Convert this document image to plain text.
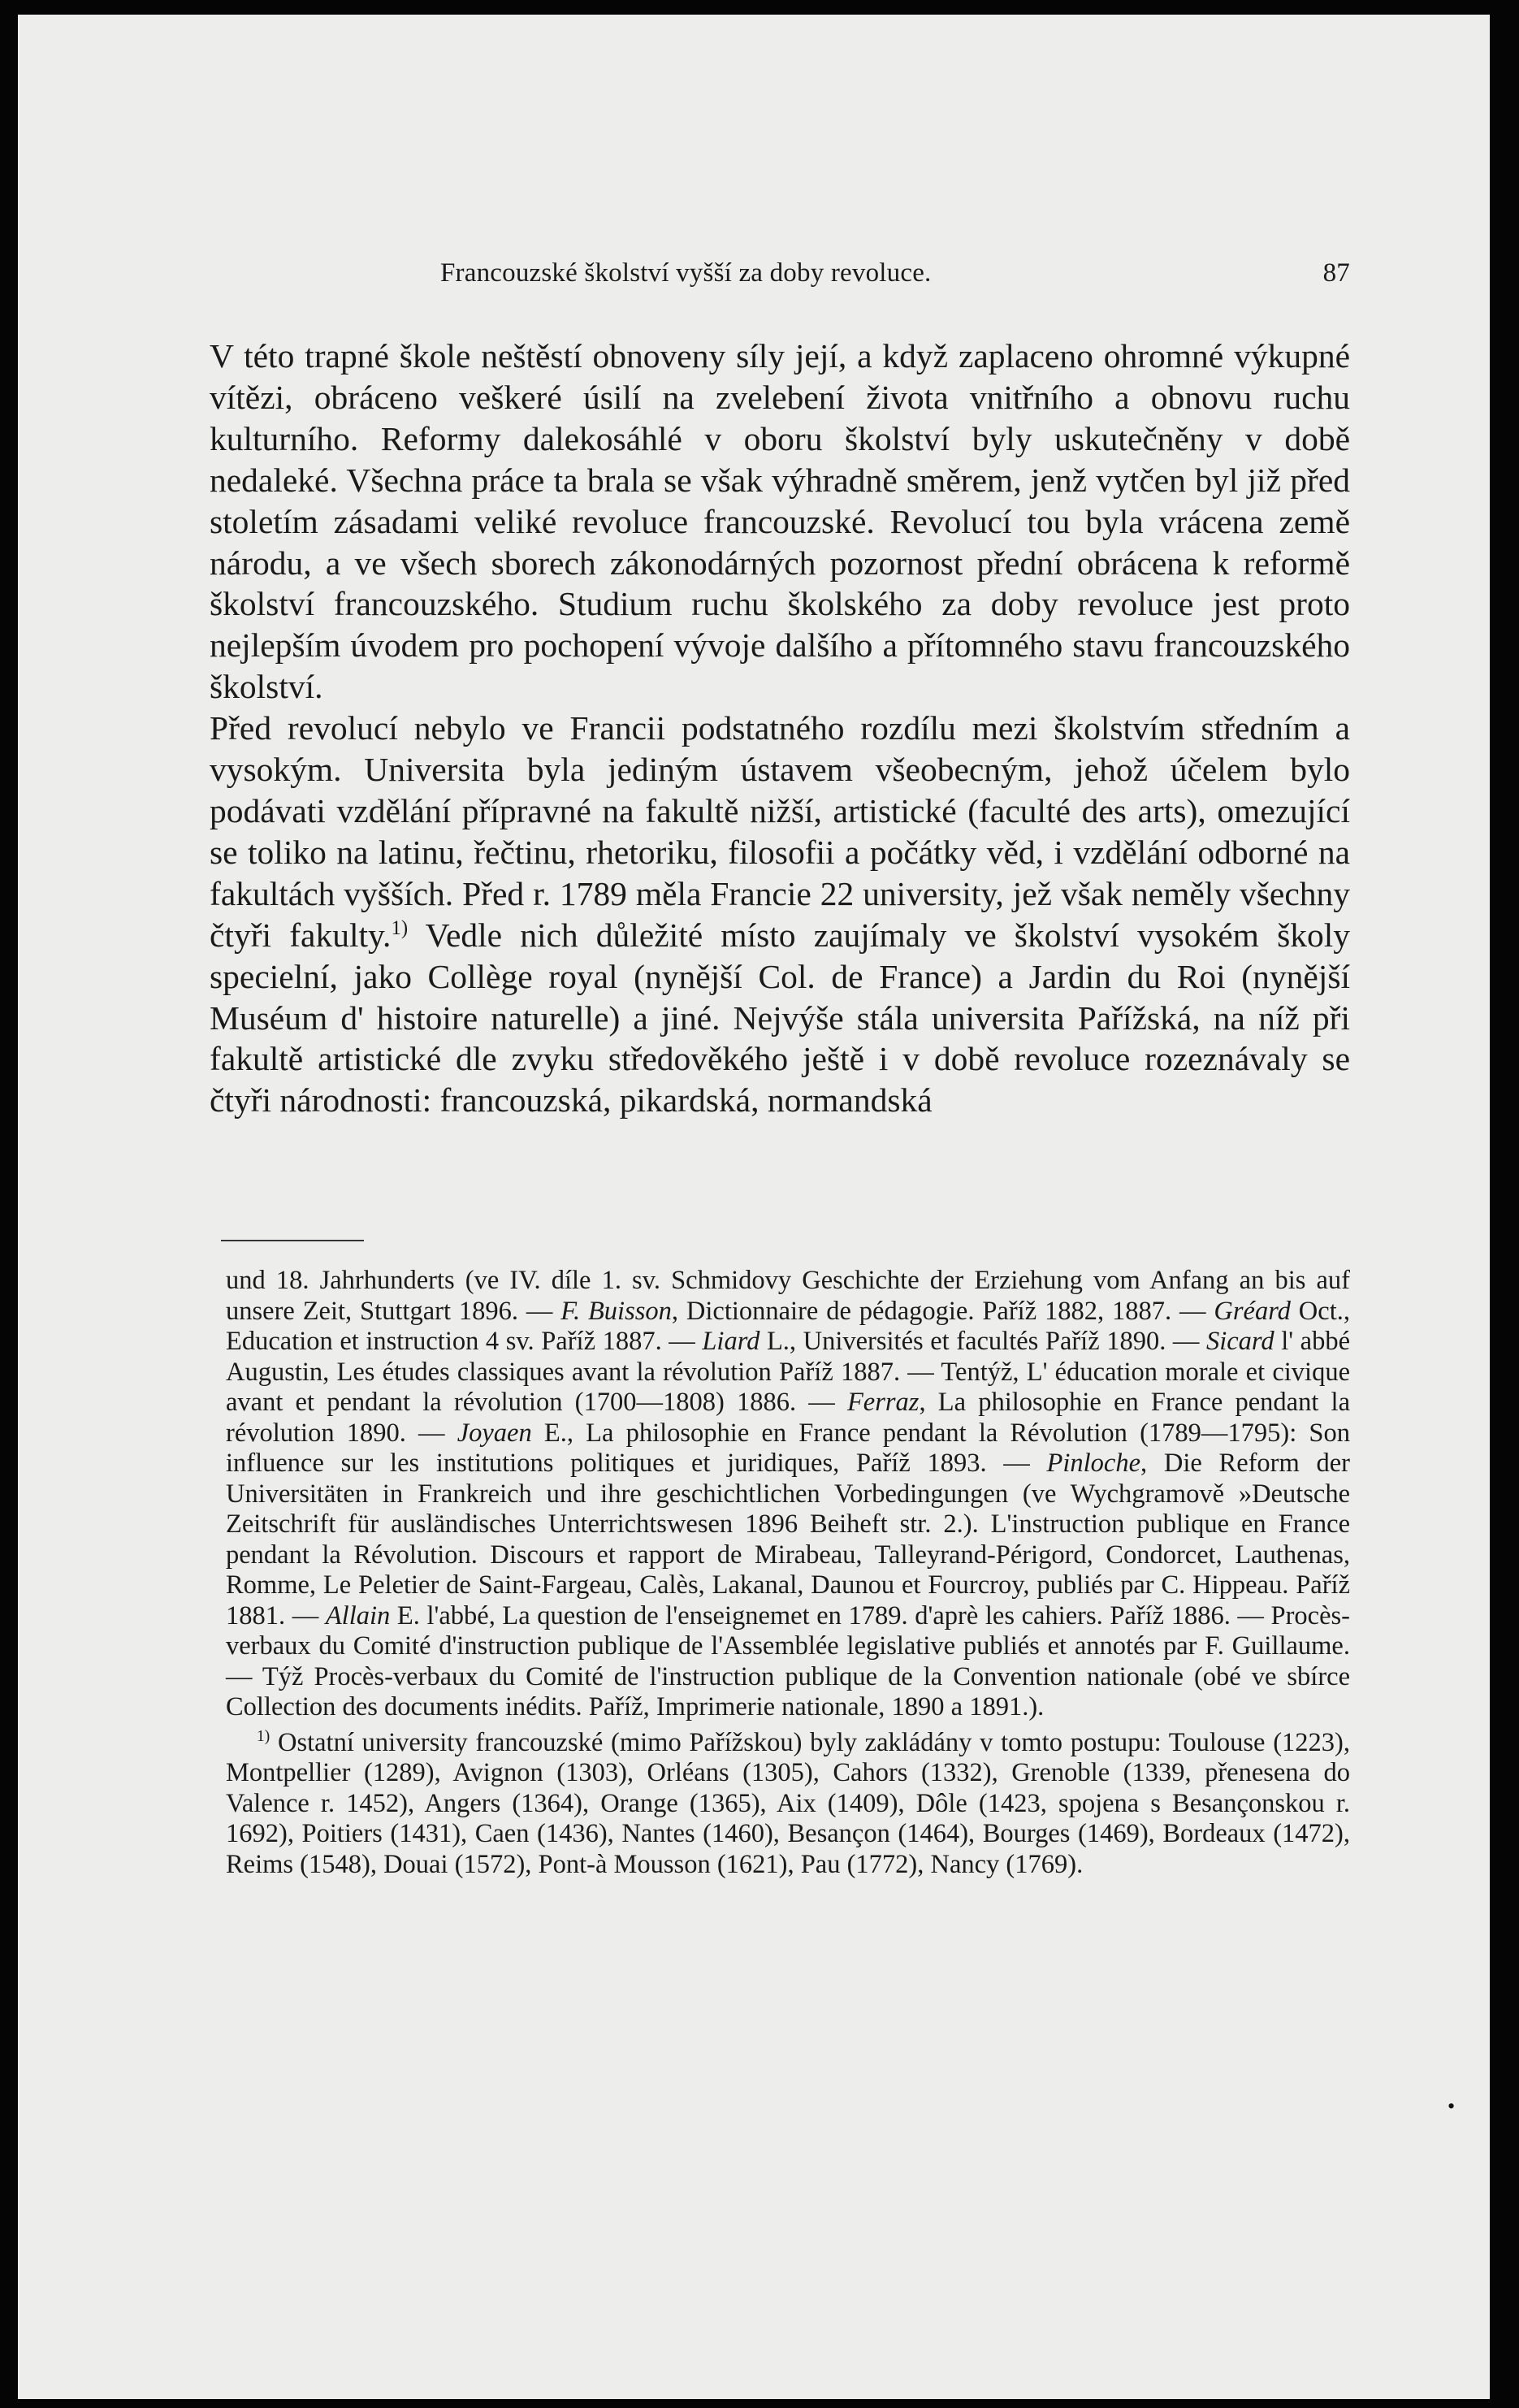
Francouzské školství vyšší za doby revoluce.	87

V této trapné škole neštěstí obnoveny síly její, a když zaplaceno ohromné výkupné vítězi, obráceno veškeré úsilí na zvelebení života vnitřního a obnovu ruchu kulturního. Reformy dalekosáhlé v oboru školství byly uskutečněny v době nedaleké. Všechna práce ta brala se však výhradně směrem, jenž vytčen byl již před stoletím zásadami veliké revoluce francouzské. Revolucí tou byla vrácena země národu, a ve všech sborech zákonodárných pozornost přední obrácena k reformě školství francouzského. Studium ruchu školského za doby revoluce jest proto nejlepším úvodem pro pochopení vývoje dalšího a přítomného stavu francouzského školství.

Před revolucí nebylo ve Francii podstatného rozdílu mezi školstvím středním a vysokým. Universita byla jediným ústavem všeobecným, jehož účelem bylo podávati vzdělání přípravné na fakultě nižší, artistické (faculté des arts), omezující se toliko na latinu, řečtinu, rhetoriku, filosofii a počátky věd, i vzdělání odborné na fakultách vyšších. Před r. 1789 měla Francie 22 university, jež však neměly všechny čtyři fakulty.$^{1)}$ Vedle nich důležité místo zaujímaly ve školství vysokém školy specielní, jako Collège royal (nynější Col. de France) a Jardin du Roi (nynější Muséum d' histoire naturelle) a jiné. Nejvýše stála universita Pařížská, na níž při fakultě artistické dle zvyku středověkého ještě i v době revoluce rozeznávaly se čtyři národnosti: francouzská, pikardská, normandská

und 18. Jahrhunderts (ve IV. díle 1. sv. Schmidovy Geschichte der Erziehung vom Anfang an bis auf unsere Zeit, Stuttgart 1896. — F. Buisson, Dictionnaire de pédagogie. Paříž 1882, 1887. — Gréard Oct., Education et instruction 4 sv. Paříž 1887. — Liard L., Universités et facultés Paříž 1890. — Sicard l' abbé Augustin, Les études classiques avant la révolution Paříž 1887. — Tentýž, L' éducation morale et civique avant et pendant la révolution (1700—1808) 1886. — Ferraz, La philosophie en France pendant la révolution 1890. — Joyaen E., La philosophie en France pendant la Révolution (1789—1795): Son influence sur les institutions politiques et juridiques, Paříž 1893. — Pinloche, Die Reform der Universitäten in Frankreich und ihre geschichtlichen Vorbedingungen (ve Wychgramově »Deutsche Zeitschrift für ausländisches Unterrichtswesen 1896 Beiheft str. 2.). L'instruction publique en France pendant la Révolution. Discours et rapport de Mirabeau, Talleyrand-Périgord, Condorcet, Lauthenas, Romme, Le Peletier de Saint-Fargeau, Calès, Lakanal, Daunou et Fourcroy, publiés par C. Hippeau. Paříž 1881. — Allain E. l'abbé, La question de l'enseignemet en 1789. d'aprè les cahiers. Paříž 1886. — Procès-verbaux du Comité d'instruction publique de l'Assemblée legislative publiés et annotés par F. Guillaume. — Týž Procès-verbaux du Comité de l'instruction publique de la Convention nationale (obé ve sbírce Collection des documents inédits. Paříž, Imprimerie nationale, 1890 a 1891.).

$^{1)}$ Ostatní university francouzské (mimo Pařížskou) byly zakládány v tomto postupu: Toulouse (1223), Montpellier (1289), Avignon (1303), Orléans (1305), Cahors (1332), Grenoble (1339, přenesena do Valence r. 1452), Angers (1364), Orange (1365), Aix (1409), Dôle (1423, spojena s Besançonskou r. 1692), Poitiers (1431), Caen (1436), Nantes (1460), Besançon (1464), Bourges (1469), Bordeaux (1472), Reims (1548), Douai (1572), Pont-à Mousson (1621), Pau (1772), Nancy (1769).

•
